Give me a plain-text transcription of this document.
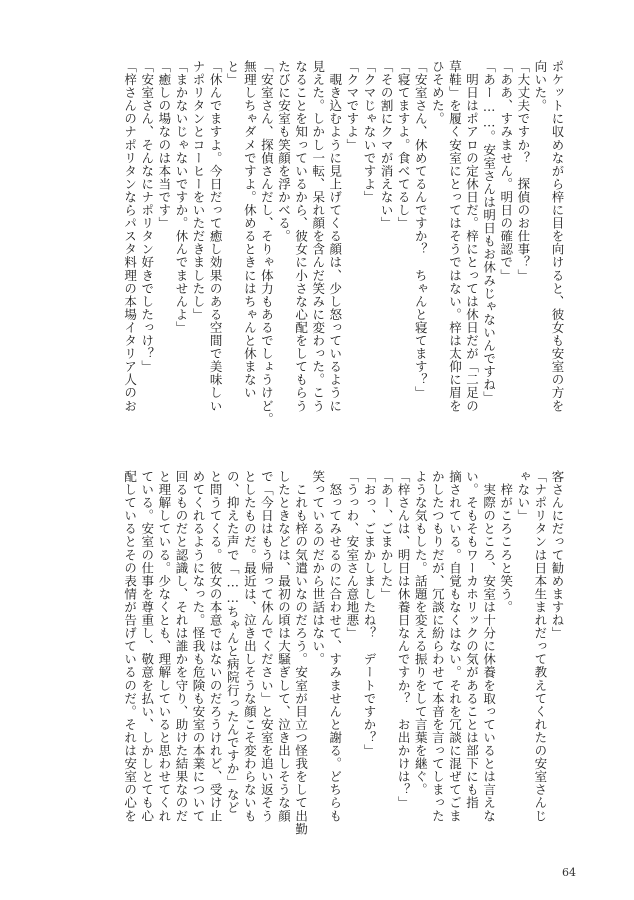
ポケットに収めながら梓に目を向けると、彼女も安室の方を
向いた。
「大丈夫ですか？　探偵のお仕事？」
「ああ、すみません。明日の確認で」
「あー……。安室さんは明日もお休みじゃないんですね」
　明日はポアロの定休日だ。梓にとっては休日だが「二足の
草鞋」を履く安室にとってはそうではない。梓は太仰に眉を
ひそめた。
「安室さん、休めてるんですか？　ちゃんと寝てます？」
「寝てますよ。食べてるし」
「その割にクマが消えない」
「クマじゃないですよ」
「クマですよ」
　覗き込むように見上げてくる顔は、少し怒っているように
見えた。しかし一転、呆れ顔を含んだ笑みに変わった。こう
なることを知っているから、彼女に小さな心配をしてもらう
たびに安室も笑顔を浮かべる。
「安室さん、探偵さんだし、そりゃ体力もあるでしょうけど。
無理しちゃダメですよ。休めるときにはちゃんと休まない
と」
「休んでますよ。今日だって癒し効果のある空間で美味しい
ナポリタンとコーヒーをいただきましたし」
「まかないじゃないですか。休んでませんよ」
「癒しの場なのは本当です」
「安室さん、そんなにナポリタン好きでしたっけ？」
「梓さんのナポリタンならパスタ料理の本場イタリア人のお
客さんにだって勧めますね」
「ナポリタンは日本生まれだって教えてくれたの安室さんじ
ゃない」
　梓がころころと笑う。
　実際のところ、安室は十分に休養を取っているとは言えな
い。そもそもワーカホリックの気があることは部下にも指
摘されている。自覚もなくはない。それを冗談に混ぜてごま
かしたつもりだが、冗談に紛らわせて本音を言ってしまった
ような気もした。話題を変える振りをして言葉を継ぐ。
「梓さんは、明日は休養日なんですか？　お出かけは？」
「あー、ごまかした」
「おっ、ごまかしましたね？　デートですか？」
「うっわ、安室さん意地悪」
　怒ってみせるのに合わせて、すみませんと謝る。どちらも
笑っているのだから世話はない。
　これも梓の気遣いなのだろう。安室が目立つ怪我をして出勤
したときなどは、最初の頃は大騒ぎして、泣き出しそうな顔
で「今日はもう帰って休んでください」と安室を追い返そう
としたものだ。最近は、泣き出しそうな顔こそ変わらないも
の、抑えた声で「……ちゃんと病院行ったんですか」など
と問うてくる。彼女の本意ではないのだろうけれど、受け止
めてくれるようになった。怪我も危険も安室の本業について
回るものだと認識し、それは誰かを守り、助けた結果なのだ
と理解している。少なくとも、理解していると思わせてくれ
ている。安室の仕事を尊重し、敬意を払い、しかしとても心
配しているとその表情が告げているのだ。それは安室の心を
64
